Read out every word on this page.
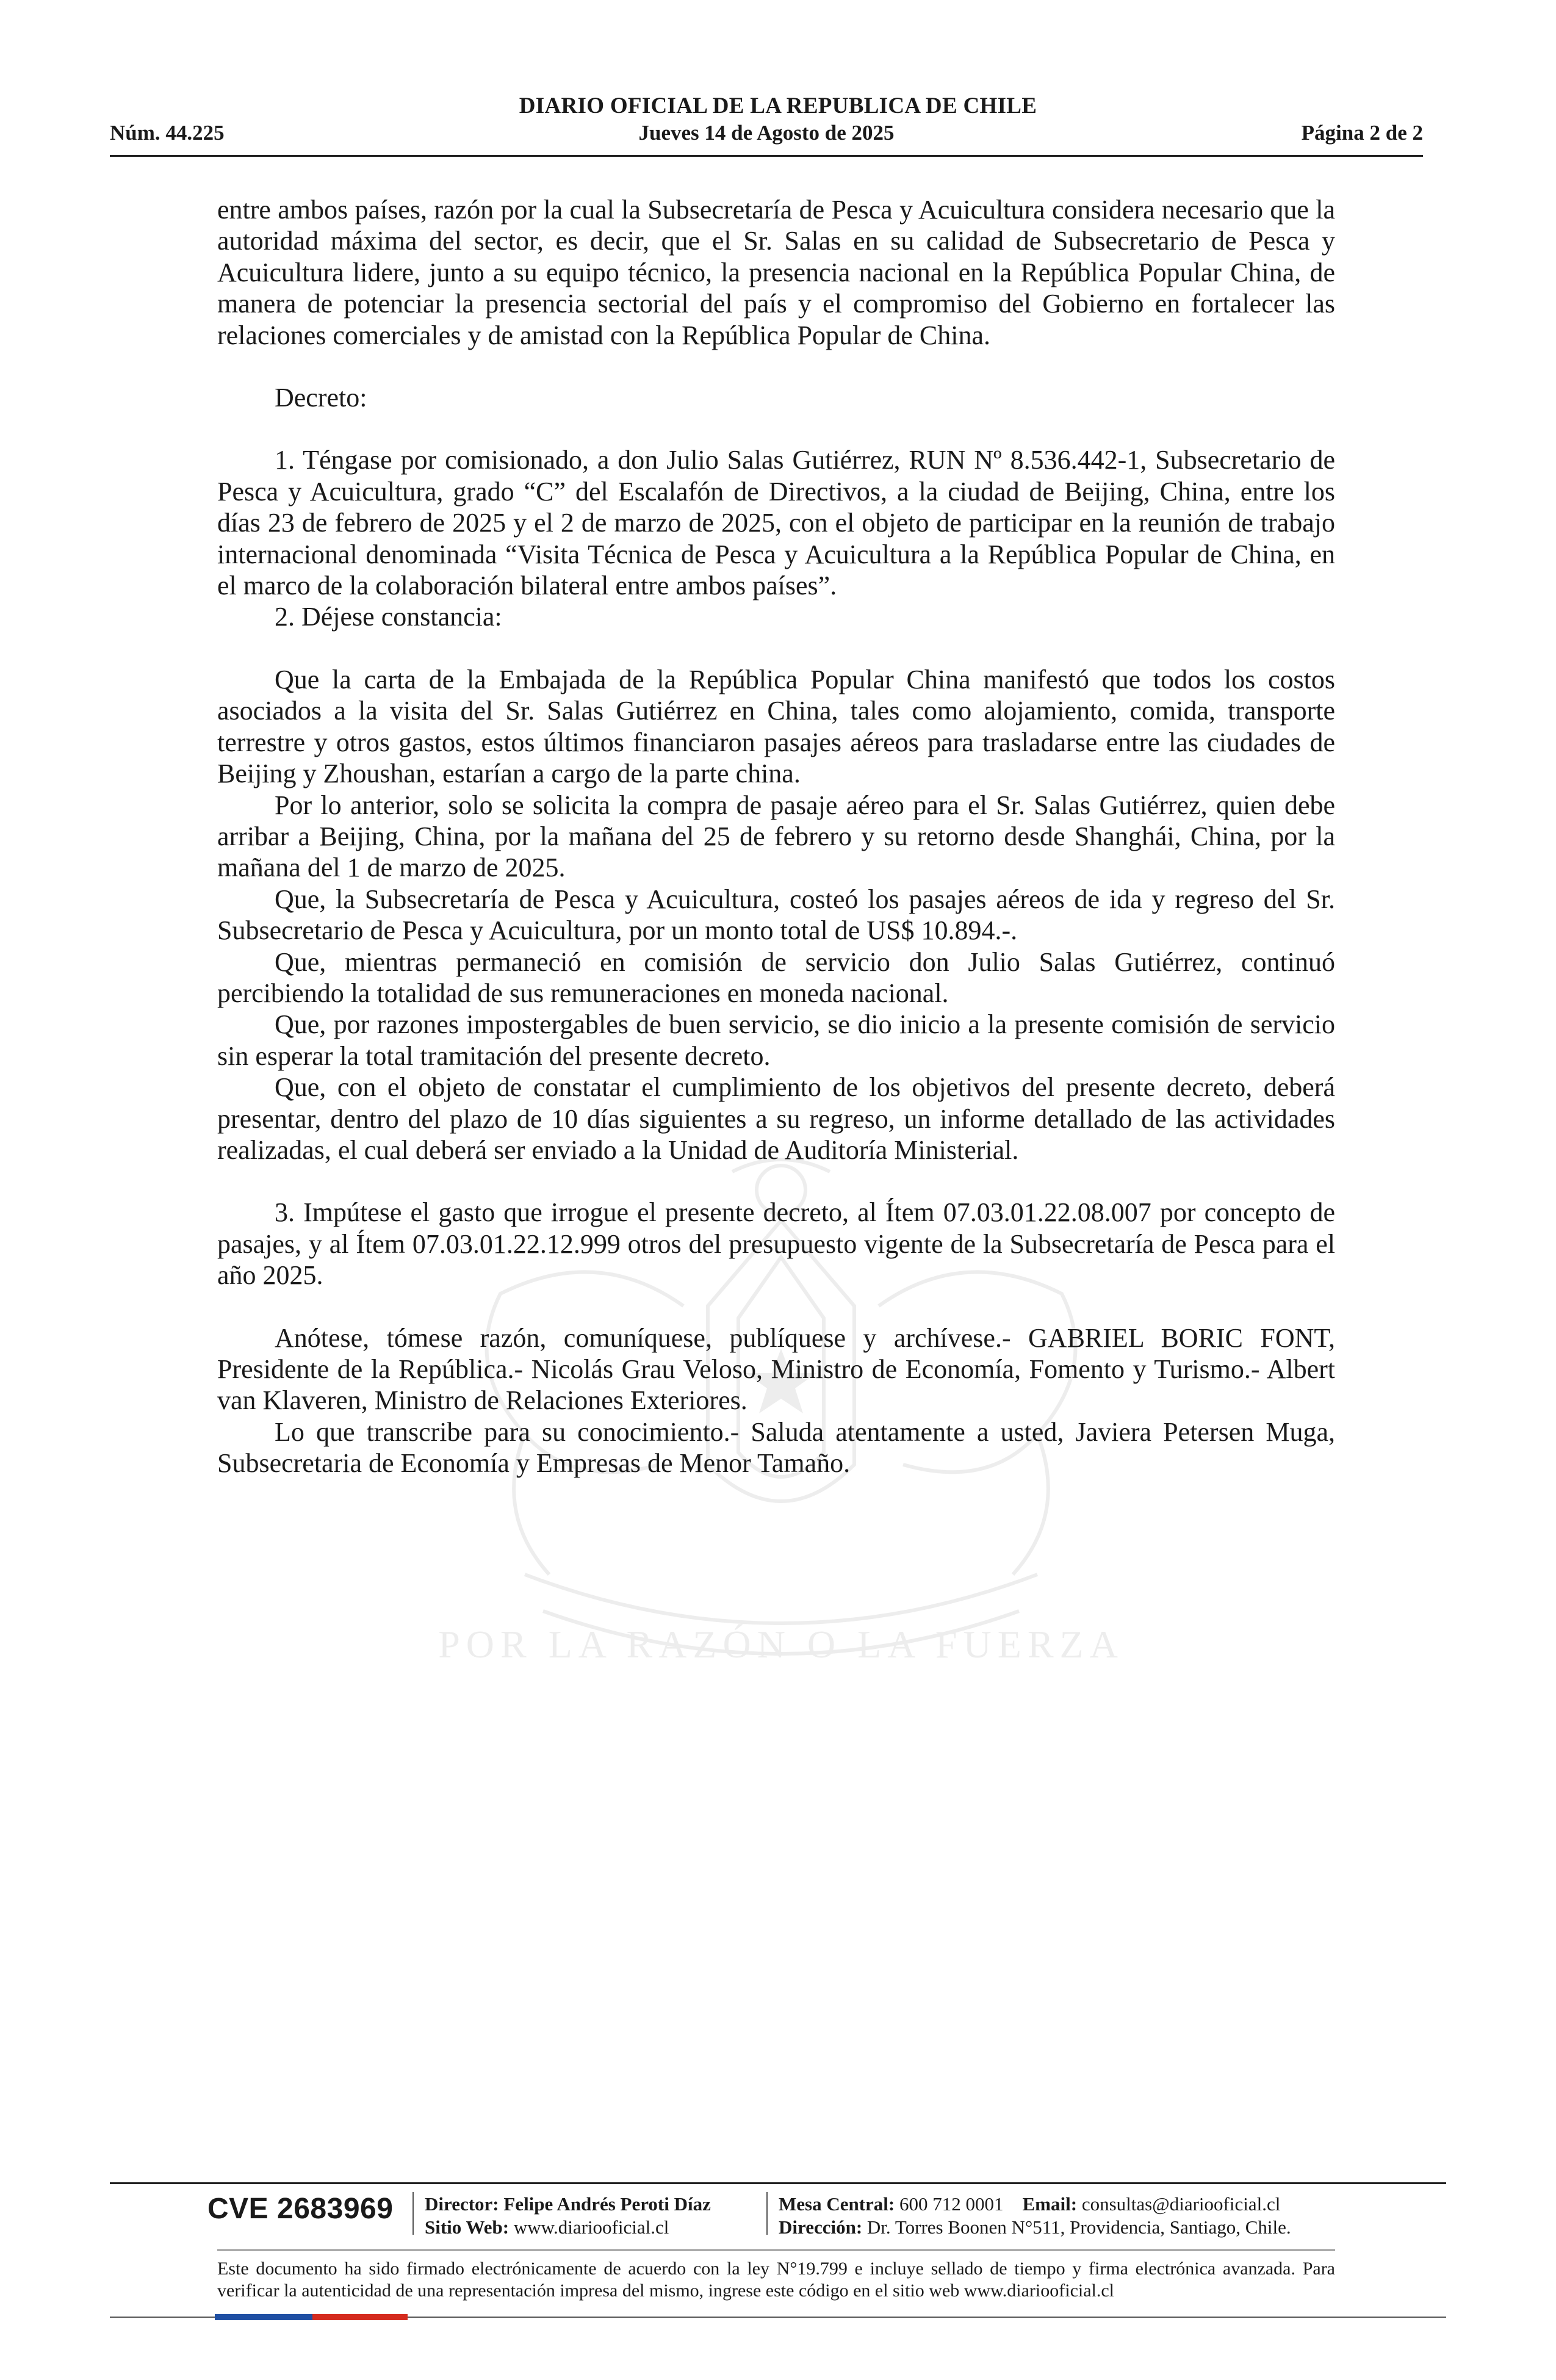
POR LA RAZÓN O LA FUERZA
DIARIO OFICIAL DE LA REPUBLICA DE CHILE
Jueves 14 de Agosto de 2025
Núm. 44.225	Página 2 de 2

entre ambos países, razón por la cual la Subsecretaría de Pesca y Acuicultura considera necesario que la autoridad máxima del sector, es decir, que el Sr. Salas en su calidad de Subsecretario de Pesca y Acuicultura lidere, junto a su equipo técnico, la presencia nacional en la República Popular China, de manera de potenciar la presencia sectorial del país y el compromiso del Gobierno en fortalecer las relaciones comerciales y de amistad con la República Popular de China.

Decreto:

1. Téngase por comisionado, a don Julio Salas Gutiérrez, RUN Nº 8.536.442-1, Subsecretario de Pesca y Acuicultura, grado “C” del Escalafón de Directivos, a la ciudad de Beijing, China, entre los días 23 de febrero de 2025 y el 2 de marzo de 2025, con el objeto de participar en la reunión de trabajo internacional denominada “Visita Técnica de Pesca y Acuicultura a la República Popular de China, en el marco de la colaboración bilateral entre ambos países”.

2. Déjese constancia:

Que la carta de la Embajada de la República Popular China manifestó que todos los costos asociados a la visita del Sr. Salas Gutiérrez en China, tales como alojamiento, comida, transporte terrestre y otros gastos, estos últimos financiaron pasajes aéreos para trasladarse entre las ciudades de Beijing y Zhoushan, estarían a cargo de la parte china.

Por lo anterior, solo se solicita la compra de pasaje aéreo para el Sr. Salas Gutiérrez, quien debe arribar a Beijing, China, por la mañana del 25 de febrero y su retorno desde Shanghái, China, por la mañana del 1 de marzo de 2025.

Que, la Subsecretaría de Pesca y Acuicultura, costeó los pasajes aéreos de ida y regreso del Sr. Subsecretario de Pesca y Acuicultura, por un monto total de US$ 10.894.-.

Que, mientras permaneció en comisión de servicio don Julio Salas Gutiérrez, continuó percibiendo la totalidad de sus remuneraciones en moneda nacional.

Que, por razones impostergables de buen servicio, se dio inicio a la presente comisión de servicio sin esperar la total tramitación del presente decreto.

Que, con el objeto de constatar el cumplimiento de los objetivos del presente decreto, deberá presentar, dentro del plazo de 10 días siguientes a su regreso, un informe detallado de las actividades realizadas, el cual deberá ser enviado a la Unidad de Auditoría Ministerial.

3. Impútese el gasto que irrogue el presente decreto, al Ítem 07.03.01.22.08.007 por concepto de pasajes, y al Ítem 07.03.01.22.12.999 otros del presupuesto vigente de la Subsecretaría de Pesca para el año 2025.

Anótese, tómese razón, comuníquese, publíquese y archívese.- GABRIEL BORIC FONT, Presidente de la República.- Nicolás Grau Veloso, Ministro de Economía, Fomento y Turismo.- Albert van Klaveren, Ministro de Relaciones Exteriores.

Lo que transcribe para su conocimiento.- Saluda atentamente a usted, Javiera Petersen Muga, Subsecretaria de Economía y Empresas de Menor Tamaño.

CVE 2683969 Director: Felipe Andrés Peroti Díaz
Sitio Web: www.diariooficial.cl
Mesa Central: 600 712 0001 Email: consultas@diariooficial.cl
Dirección: Dr. Torres Boonen N°511, Providencia, Santiago, Chile.
Este documento ha sido firmado electrónicamente de acuerdo con la ley N°19.799 e incluye sellado de tiempo y firma electrónica avanzada. Para verificar la autenticidad de una representación impresa del mismo, ingrese este código en el sitio web www.diariooficial.cl
